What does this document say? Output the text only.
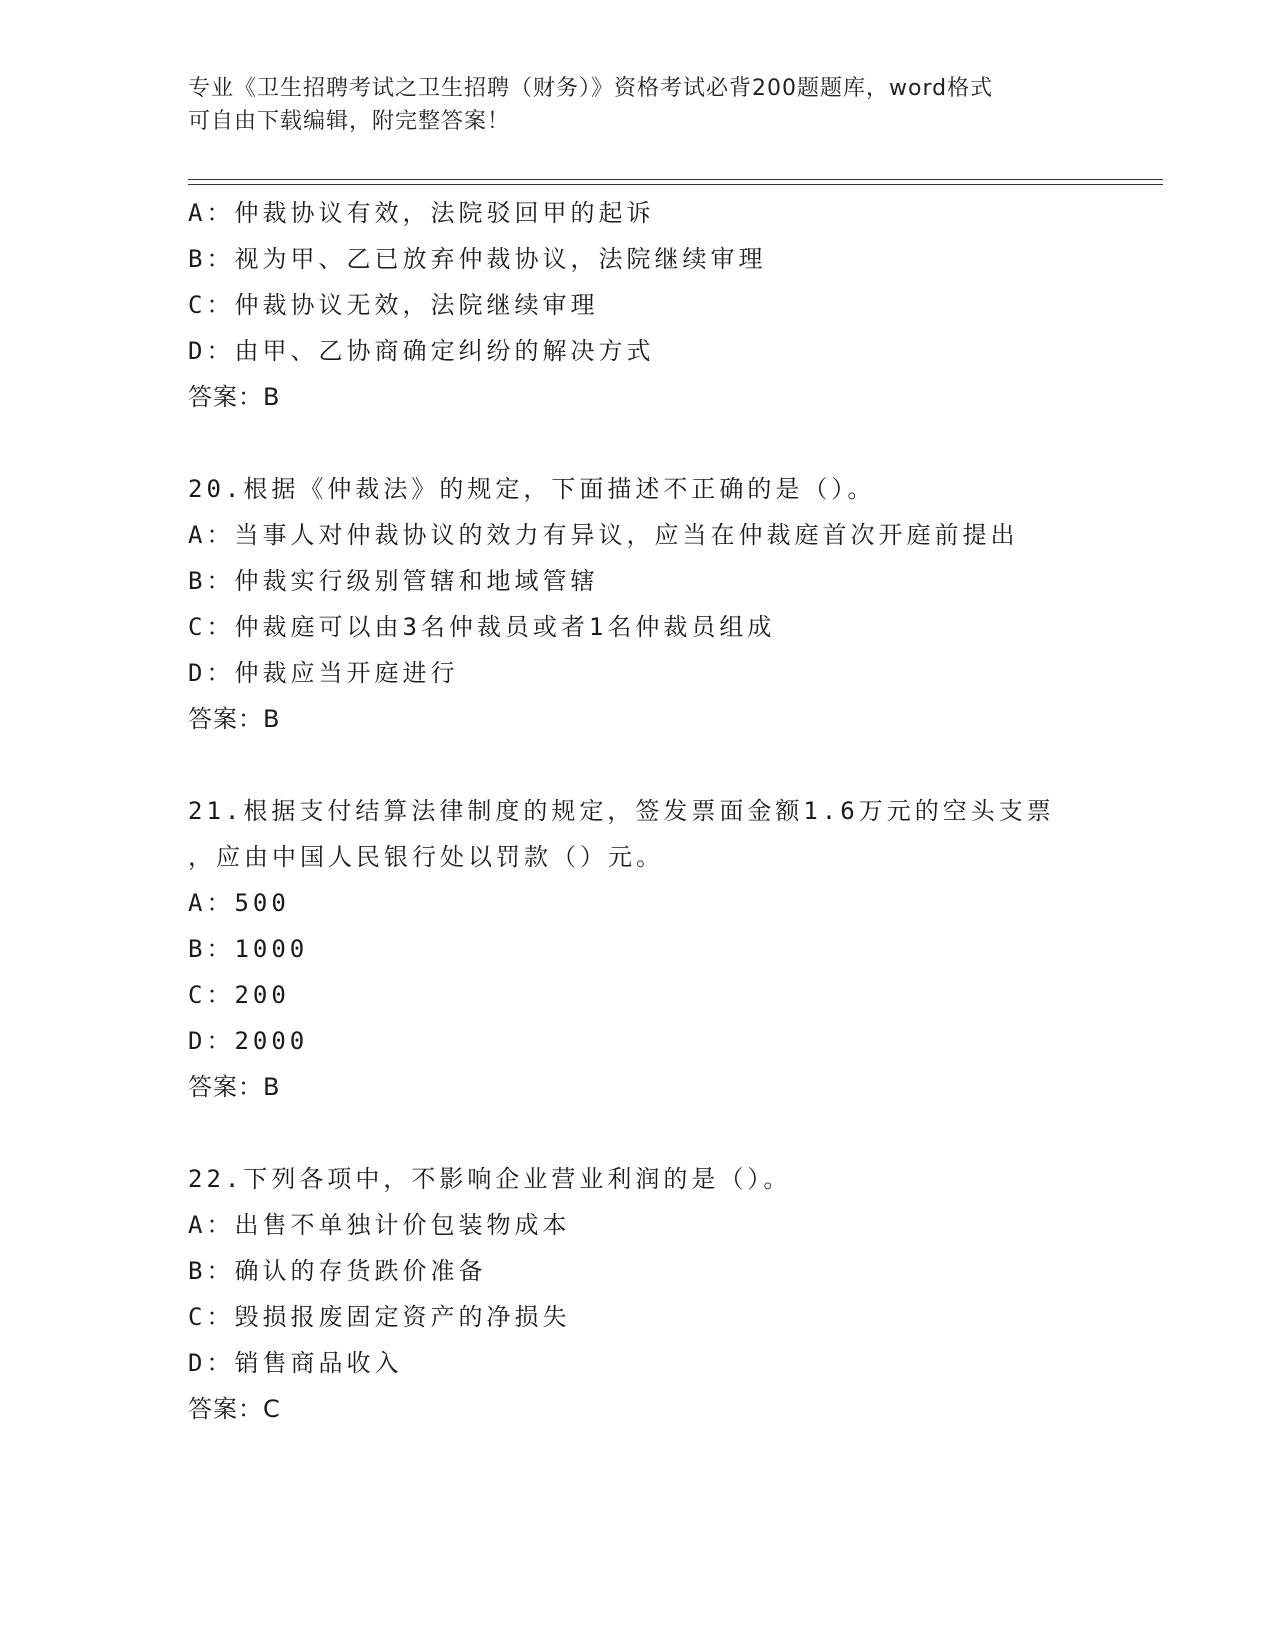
专业《卫生招聘考试之卫生招聘（财务）》资格考试必背200题题库，word格式
可自由下载编辑，附完整答案！
A：仲裁协议有效，法院驳回甲的起诉
B：视为甲、乙已放弃仲裁协议，法院继续审理
C：仲裁协议无效，法院继续审理
D：由甲、乙协商确定纠纷的解决方式
答案：B
20.根据《仲裁法》的规定，下面描述不正确的是（）。
A：当事人对仲裁协议的效力有异议，应当在仲裁庭首次开庭前提出
B：仲裁实行级别管辖和地域管辖
C：仲裁庭可以由3名仲裁员或者1名仲裁员组成
D：仲裁应当开庭进行
答案：B
21.根据支付结算法律制度的规定，签发票面金额1.6万元的空头支票
，应由中国人民银行处以罚款（）元。
A：500
B：1000
C：200
D：2000
答案：B
22.下列各项中，不影响企业营业利润的是（）。
A：出售不单独计价包装物成本
B：确认的存货跌价准备
C：毁损报废固定资产的净损失
D：销售商品收入
答案：C
